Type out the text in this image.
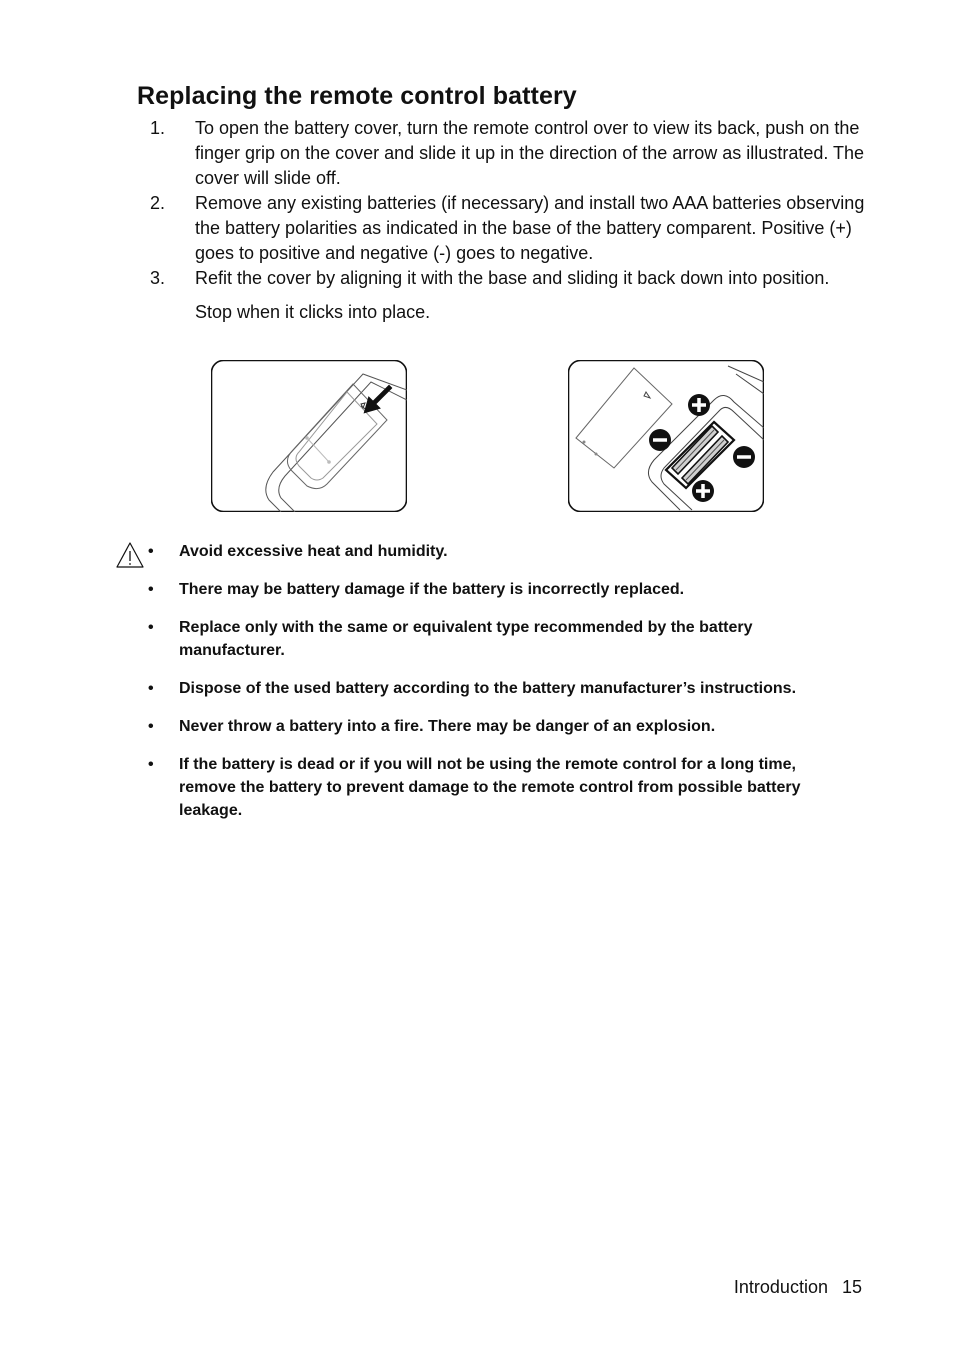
Replacing the remote control battery
1. To open the battery cover, turn the remote control over to view its back, push on the finger grip on the cover and slide it up in the direction of the arrow as illustrated. The cover will slide off.
2. Remove any existing batteries (if necessary) and install two AAA batteries observing the battery polarities as indicated in the base of the battery comparent. Positive (+) goes to positive and negative (-) goes to negative.
3. Refit the cover by aligning it with the base and sliding it back down into position.
Stop when it clicks into place.
• Avoid excessive heat and humidity.
• There may be battery damage if the battery is incorrectly replaced.
• Replace only with the same or equivalent type recommended by the battery manufacturer.
• Dispose of the used battery according to the battery manufacturer’s instructions.
• Never throw a battery into a fire. There may be danger of an explosion.
• If the battery is dead or if you will not be using the remote control for a long time, remove the battery to prevent damage to the remote control from possible battery leakage.
Introduction 15
